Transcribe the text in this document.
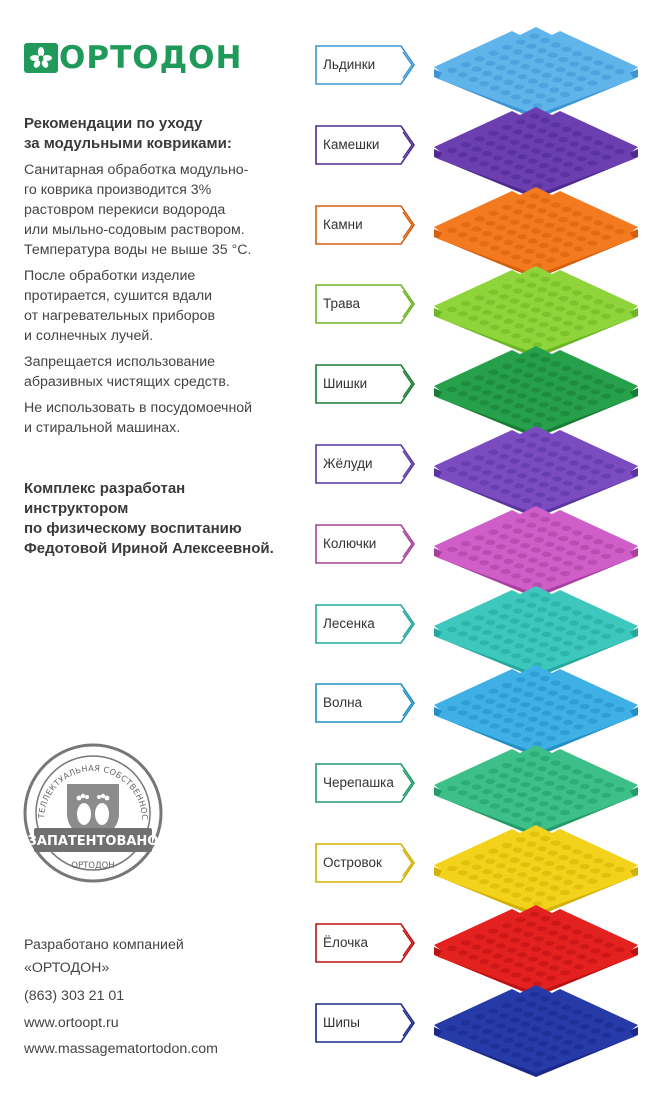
ОРТОДОН
Рекомендации по уходу
за модульными ковриками:
Санитарная обработка модульно-
го коврика производится 3%
растовром перекиси водорода
или мыльно-содовым раствором.
Температура воды не выше 35 °C.
После обработки изделие
протирается, сушится вдали
от нагревательных приборов
и солнечных лучей.
Запрещается использование
абразивных чистящих средств.
Не использовать в посудомоечной
и стиральной машинах.
Комплекс разработан
инструктором
по физическому воспитанию
Федотовой Ириной Алексеевной.
ТЕЛЛЕКТУАЛЬНАЯ СОБСТВЕННОС
ЗАПАТЕНТОВАНО
ОРТОДОН
Разработано компанией
«ОРТОДОН»
(863) 303 21 01
www.ortoopt.ru
www.massagematortodon.com
Льдинки
Камешки
Камни
Трава
Шишки
Жёлуди
Колючки
Лесенка
Волна
Черепашка
Островок
Ёлочка
Шипы
